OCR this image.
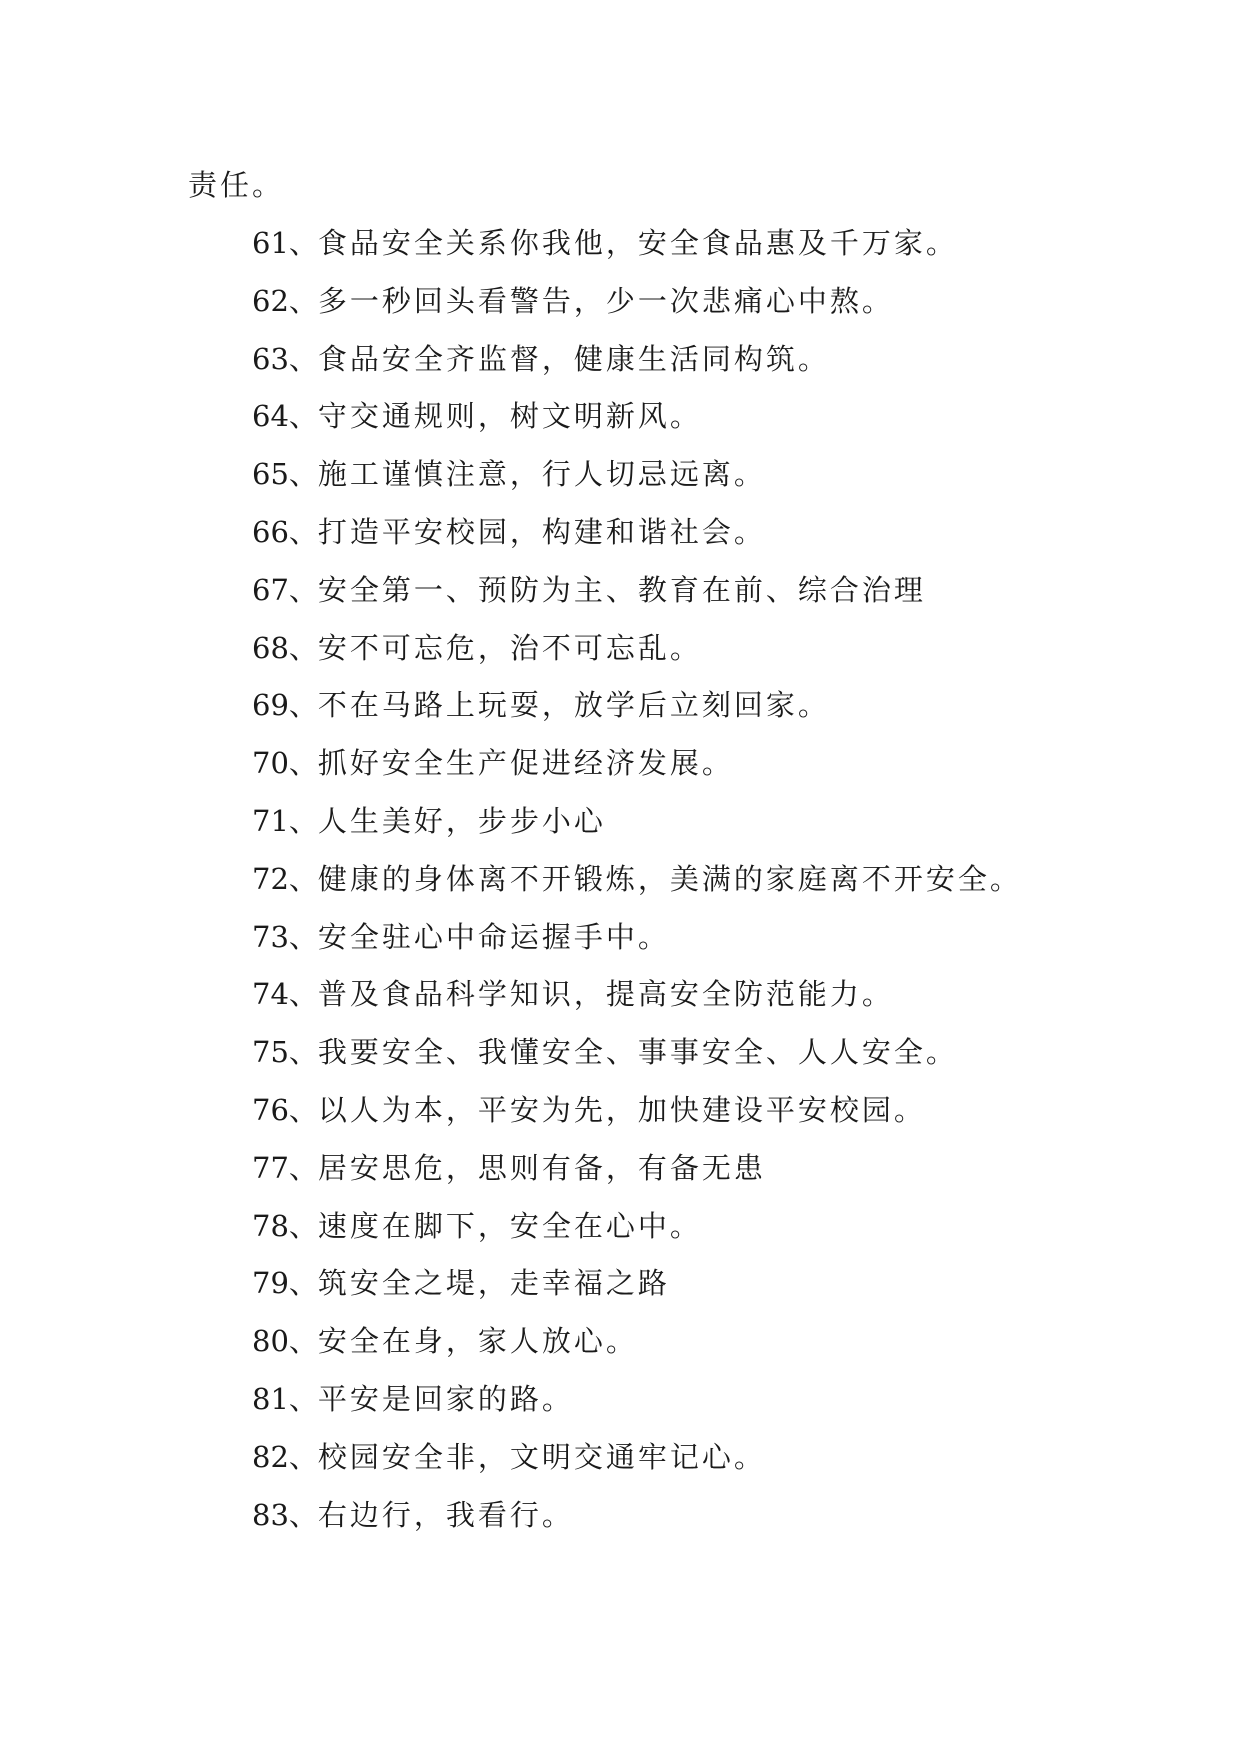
责任。
61、食品安全关系你我他，安全食品惠及千万家。
62、多一秒回头看警告，少一次悲痛心中熬。
63、食品安全齐监督，健康生活同构筑。
64、守交通规则，树文明新风。
65、施工谨慎注意，行人切忌远离。
66、打造平安校园，构建和谐社会。
67、安全第一、预防为主、教育在前、综合治理
68、安不可忘危，治不可忘乱。
69、不在马路上玩耍，放学后立刻回家。
70、抓好安全生产促进经济发展。
71、人生美好，步步小心
72、健康的身体离不开锻炼，美满的家庭离不开安全。
73、安全驻心中命运握手中。
74、普及食品科学知识，提高安全防范能力。
75、我要安全、我懂安全、事事安全、人人安全。
76、以人为本，平安为先，加快建设平安校园。
77、居安思危，思则有备，有备无患
78、速度在脚下，安全在心中。
79、筑安全之堤，走幸福之路
80、安全在身，家人放心。
81、平安是回家的路。
82、校园安全非，文明交通牢记心。
83、右边行，我看行。
